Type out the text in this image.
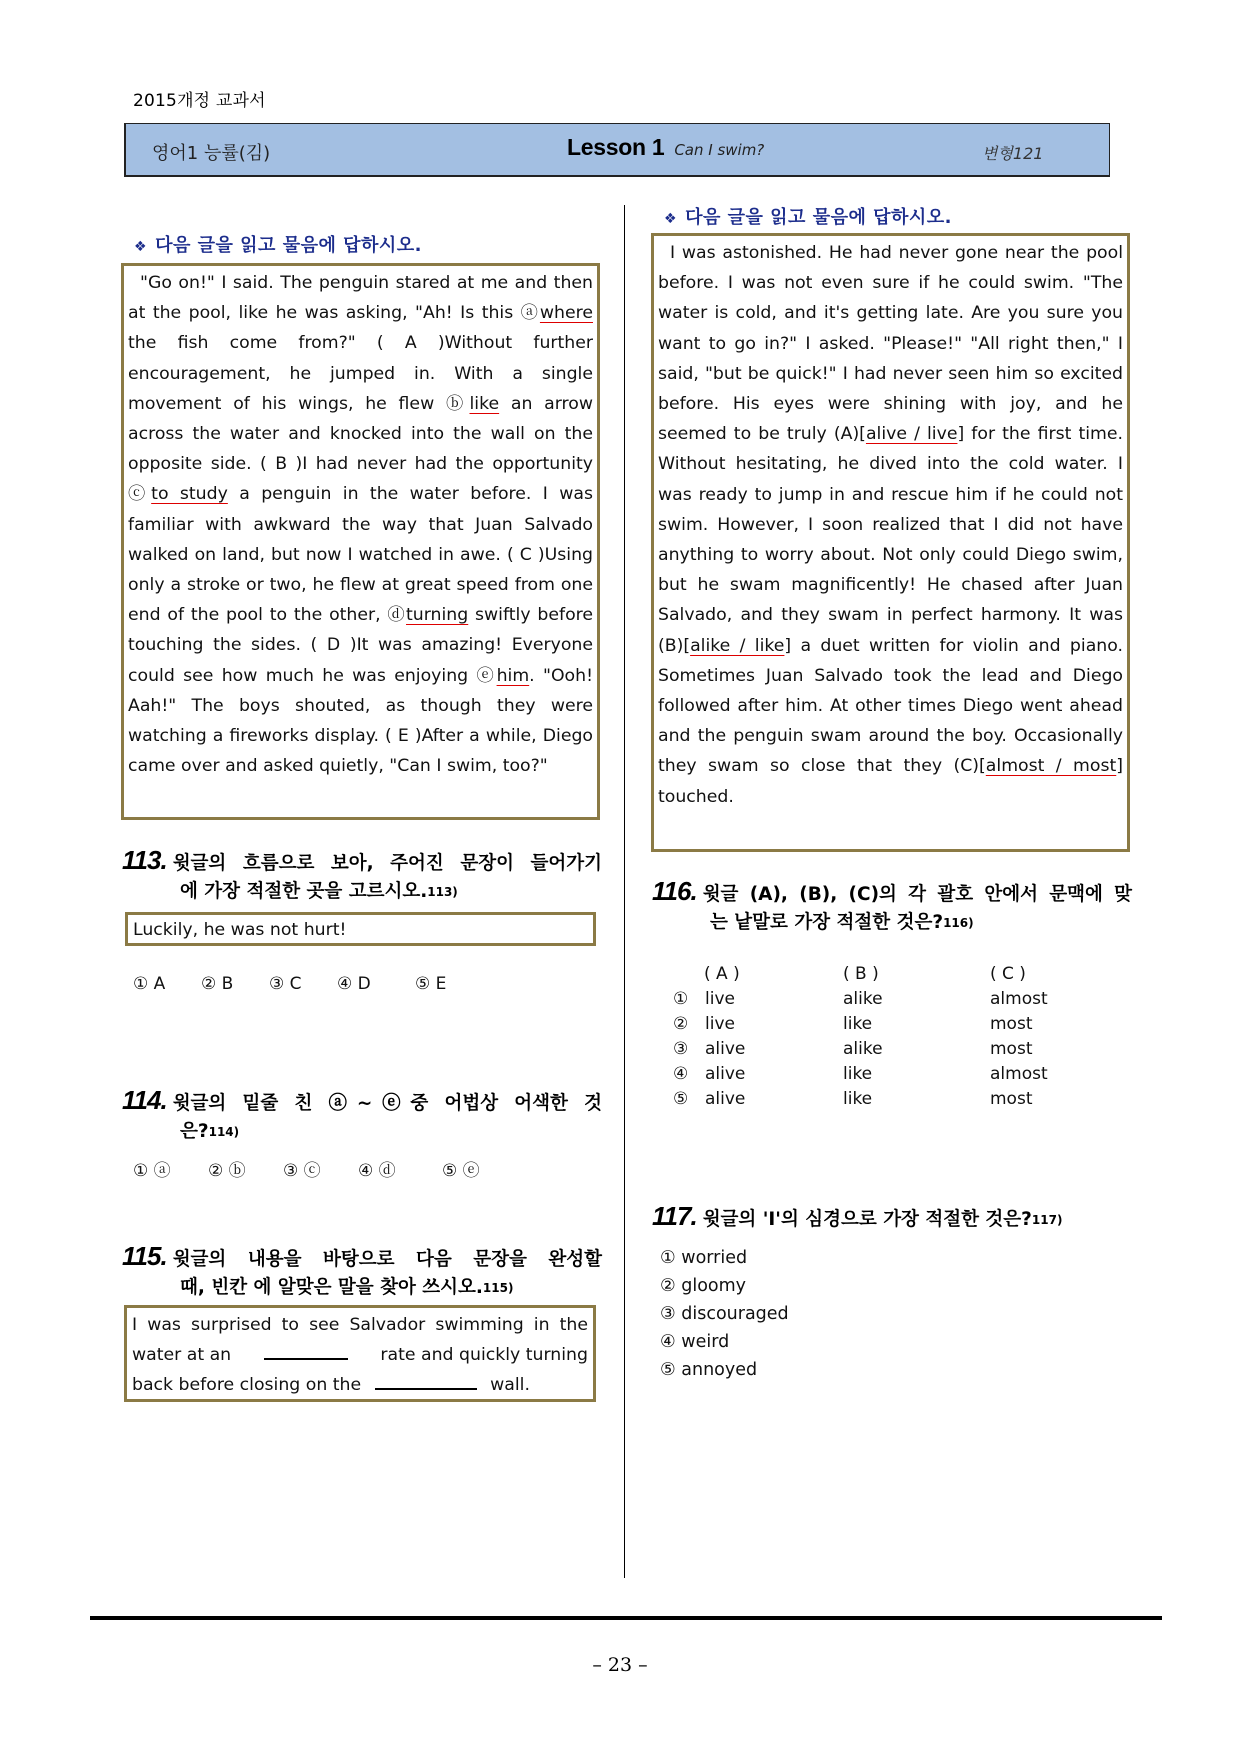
2015개정 교과서
영어1 능률(김)	Lesson 1 Can I swim?	변형121
❖ 다음 글을 읽고 물음에 답하시오.

"Go on!" I said. The penguin stared at me and then at the pool, like he was asking, "Ah! Is this ⓐwhere the fish come from?" ( A )Without further encouragement, he jumped in. With a single movement of his wings, he flew ⓑlike an arrow across the water and knocked into the wall on the opposite side. ( B )I had never had the opportunity ⓒto study a penguin in the water before. I was familiar with awkward the way that Juan Salvado walked on land, but now I watched in awe. ( C )Using only a stroke or two, he flew at great speed from one end of the pool to the other, ⓓturning swiftly before touching the sides. ( D )It was amazing! Everyone could see how much he was enjoying ⓔhim. "Ooh! Aah!" The boys shouted, as though they were watching a fireworks display. ( E )After a while, Diego came over and asked quietly, "Can I swim, too?"

113. 윗글의 흐름으로 보아, 주어진 문장이 들어가기
에 가장 적절한 곳을 고르시오.113)
Luckily, he was not hurt!
① A ② B ③ C ④ D	⑤ E
114. 윗글의 밑줄 친 ⓐ~ⓔ중 어법상 어색한 것
은?114)
① ⓐ ② ⓑ ③ ⓒ ④ ⓓ	⑤ ⓔ
115. 윗글의 내용을 바탕으로 다음 문장을 완성할
때, 빈칸 에 알맞은 말을 찾아 쓰시오.115)
I was surprised to see Salvador swimming in the
water at an	rate and quickly turning
back before closing on the	wall.
❖ 다음 글을 읽고 물음에 답하시오.

I was astonished. He had never gone near the pool before. I was not even sure if he could swim. "The water is cold, and it's getting late. Are you sure you want to go in?" I asked. "Please!" "All right then," I said, "but be quick!" I had never seen him so excited before. His eyes were shining with joy, and he seemed to be truly (A)[alive / live] for the first time. Without hesitating, he dived into the cold water. I was ready to jump in and rescue him if he could not swim. However, I soon realized that I did not have anything to worry about. Not only could Diego swim, but he swam magnificently! He chased after Juan Salvado, and they swam in perfect harmony. It was (B)[alike / like] a duet written for violin and piano. Sometimes Juan Salvado took the lead and Diego followed after him. At other times Diego went ahead and the penguin swam around the boy. Occasionally they swam so close that they (C)[almost / most] touched.

116. 윗글 (A), (B), (C)의 각 괄호 안에서 문맥에 맞
는 낱말로 가장 적절한 것은?116)
( A )	( B )	( C )
① live	alike	almost
② live	like	most
③ alive	alike	most
④ alive	like	almost
⑤ alive	like	most
117. 윗글의 'I'의 심경으로 가장 적절한 것은?117)
① worried
② gloomy
③ discouraged
④ weird
⑤ annoyed
– 23 –
